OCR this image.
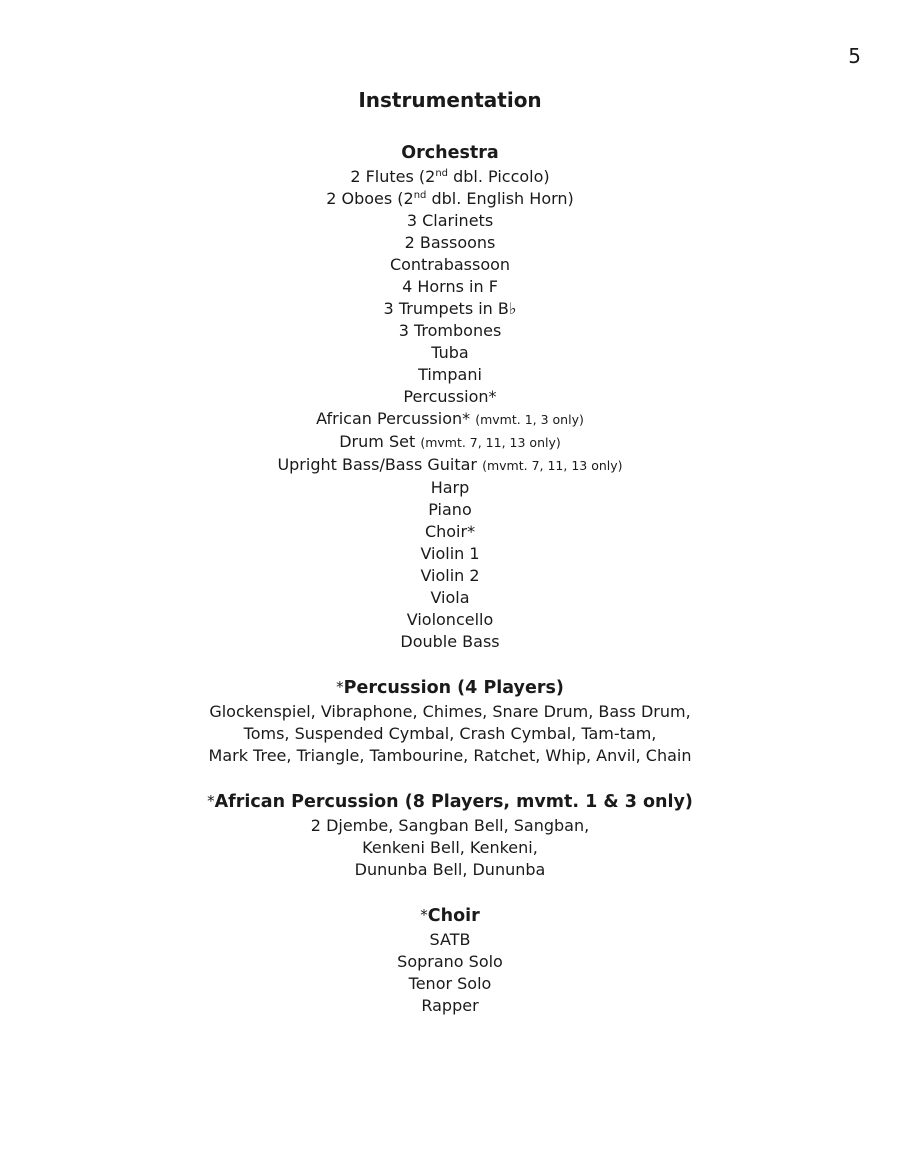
5
Instrumentation
Orchestra
2 Flutes (2nd dbl. Piccolo)
2 Oboes (2nd dbl. English Horn)
3 Clarinets
2 Bassoons
Contrabassoon
4 Horns in F
3 Trumpets in B♭
3 Trombones
Tuba
Timpani
Percussion*
African Percussion* (mvmt. 1, 3 only)
Drum Set (mvmt. 7, 11, 13 only)
Upright Bass/Bass Guitar (mvmt. 7, 11, 13 only)
Harp
Piano
Choir*
Violin 1
Violin 2
Viola
Violoncello
Double Bass
*Percussion (4 Players)
Glockenspiel, Vibraphone, Chimes, Snare Drum, Bass Drum,
Toms, Suspended Cymbal, Crash Cymbal, Tam-tam,
Mark Tree, Triangle, Tambourine, Ratchet, Whip, Anvil, Chain
*African Percussion (8 Players, mvmt. 1 & 3 only)
2 Djembe, Sangban Bell, Sangban,
Kenkeni Bell, Kenkeni,
Dununba Bell, Dununba
*Choir
SATB
Soprano Solo
Tenor Solo
Rapper
